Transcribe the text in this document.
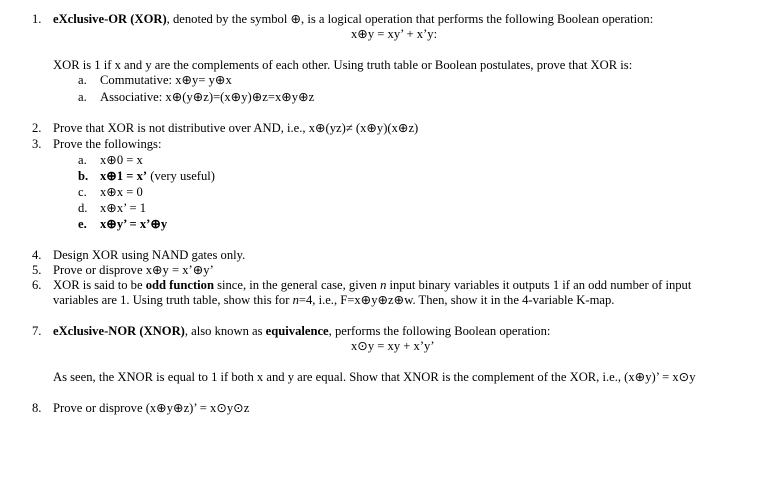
1. eXclusive-OR (XOR), denoted by the symbol ⊕, is a logical operation that performs the following Boolean operation:
x⊕y = xy’ + x’y:
XOR is 1 if x and y are the complements of each other. Using truth table or Boolean postulates, prove that XOR is:
a. Commutative: x⊕y= y⊕x
a. Associative: x⊕(y⊕z)=(x⊕y)⊕z=x⊕y⊕z
2. Prove that XOR is not distributive over AND, i.e., x⊕(yz)≠ (x⊕y)(x⊕z)
3. Prove the followings:
a. x⊕0 = x
b. x⊕1 = x’ (very useful)
c. x⊕x = 0
d. x⊕x’ = 1
e. x⊕y’ = x’⊕y
4. Design XOR using NAND gates only.
5. Prove or disprove x⊕y = x’⊕y’
6. XOR is said to be odd function since, in the general case, given n input binary variables it outputs 1 if an odd number of input
variables are 1. Using truth table, show this for n=4, i.e., F=x⊕y⊕z⊕w. Then, show it in the 4-variable K-map.
7. eXclusive-NOR (XNOR), also known as equivalence, performs the following Boolean operation:
x⊙y = xy + x’y’
As seen, the XNOR is equal to 1 if both x and y are equal. Show that XNOR is the complement of the XOR, i.e., (x⊕y)’ = x⊙y
8. Prove or disprove (x⊕y⊕z)’ = x⊙y⊙z
